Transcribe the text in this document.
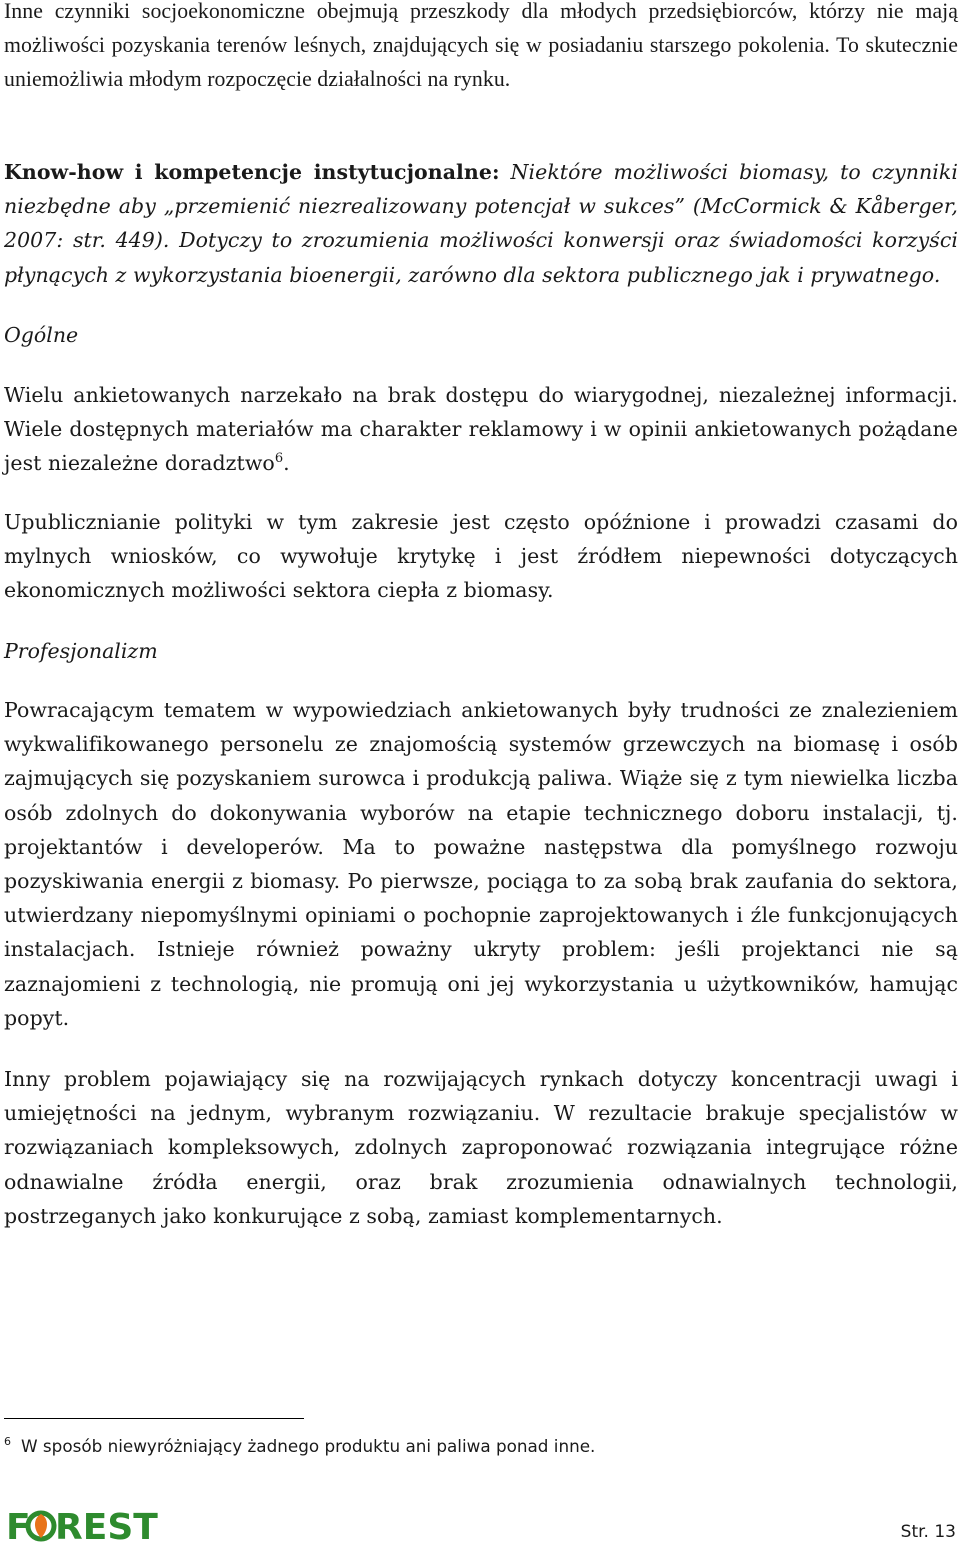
Inne czynniki socjoekonomiczne obejmują przeszkody dla młodych przedsiębiorców, którzy nie mają możliwości pozyskania terenów leśnych, znajdujących się w posiadaniu starszego pokolenia. To skutecznie uniemożliwia młodym rozpoczęcie działalności na rynku.

Know-how i kompetencje instytucjonalne: Niektóre możliwości biomasy, to czynniki niezbędne aby „przemienić niezrealizowany potencjał w sukces” (McCormick & Kåberger, 2007: str. 449). Dotyczy to zrozumienia możliwości konwersji oraz świadomości korzyści płynących z wykorzystania bioenergii, zarówno dla sektora publicznego jak i prywatnego.

Ogólne

Wielu ankietowanych narzekało na brak dostępu do wiarygodnej, niezależnej informacji. Wiele dostępnych materiałów ma charakter reklamowy i w opinii ankietowanych pożądane jest niezależne doradztwo$^6$.

Upublicznianie polityki w tym zakresie jest często opóźnione i prowadzi czasami do mylnych wniosków, co wywołuje krytykę i jest źródłem niepewności dotyczących ekonomicznych możliwości sektora ciepła z biomasy.

Profesjonalizm

Powracającym tematem w wypowiedziach ankietowanych były trudności ze znalezieniem wykwalifikowanego personelu ze znajomością systemów grzewczych na biomasę i osób zajmujących się pozyskaniem surowca i produkcją paliwa. Wiąże się z tym niewielka liczba osób zdolnych do dokonywania wyborów na etapie technicznego doboru instalacji, tj. projektantów i developerów. Ma to poważne następstwa dla pomyślnego rozwoju pozyskiwania energii z biomasy. Po pierwsze, pociąga to za sobą brak zaufania do sektora, utwierdzany niepomyślnymi opiniami o pochopnie zaprojektowanych i źle funkcjonujących instalacjach. Istnieje również poważny ukryty problem: jeśli projektanci nie są zaznajomieni z technologią, nie promują oni jej wykorzystania u użytkowników, hamując popyt.

Inny problem pojawiający się na rozwijających rynkach dotyczy koncentracji uwagi i umiejętności na jednym, wybranym rozwiązaniu. W rezultacie brakuje specjalistów w rozwiązaniach kompleksowych, zdolnych zaproponować rozwiązania integrujące różne odnawialne źródła energii, oraz brak zrozumienia odnawialnych technologii, postrzeganych jako konkurujące z sobą, zamiast komplementarnych.

$^6$ W sposób niewyróżniający żadnego produktu ani paliwa ponad inne.
F REST	Str. 13
